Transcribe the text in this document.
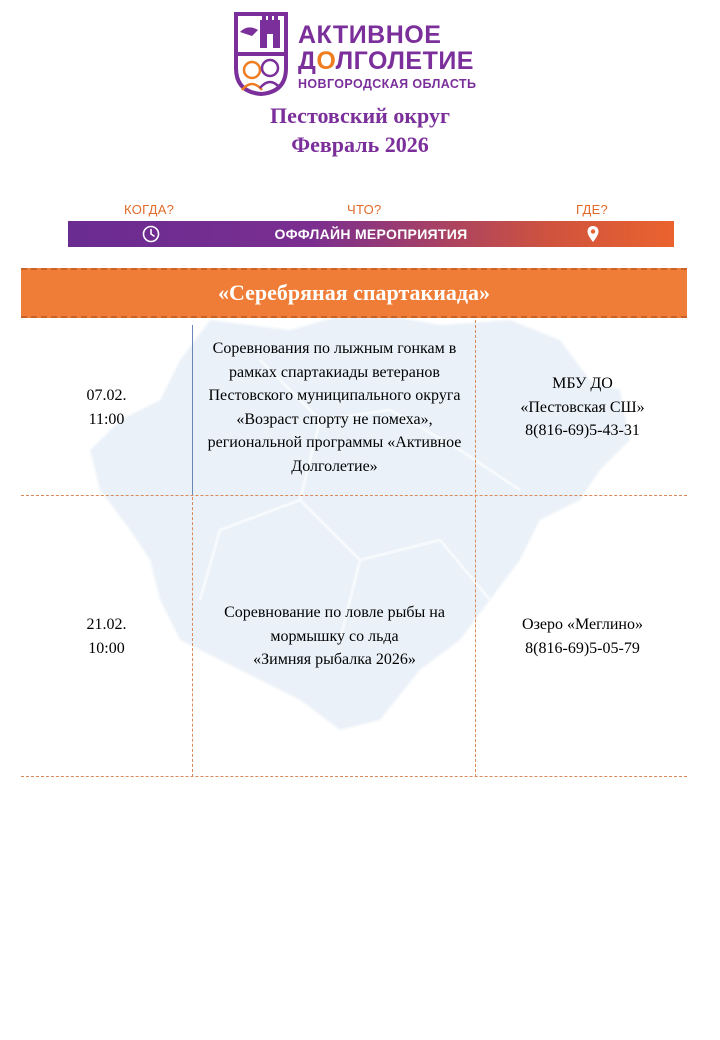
АКТИВНОЕ
ДОЛГОЛЕТИЕ
НОВГОРОДСКАЯ ОБЛАСТЬ
Пестовский округ
Февраль 2026
КОГДА?	ЧТО?	ГДЕ?
ОФФЛАЙН МЕРОПРИЯТИЯ
«Серебряная спартакиада»
07.02.
11:00
Соревнования по лыжным гонкам в рамках спартакиады ветеранов Пестовского муниципального округа «Возраст спорту не помеха», региональной программы «Активное Долголетие»
МБУ ДО
«Пестовская СШ»
8(816-69)5-43-31
21.02.
10:00
Соревнование по ловле рыбы на мормышку со льда
«Зимняя рыбалка 2026»
Озеро «Меглино»
8(816-69)5-05-79
